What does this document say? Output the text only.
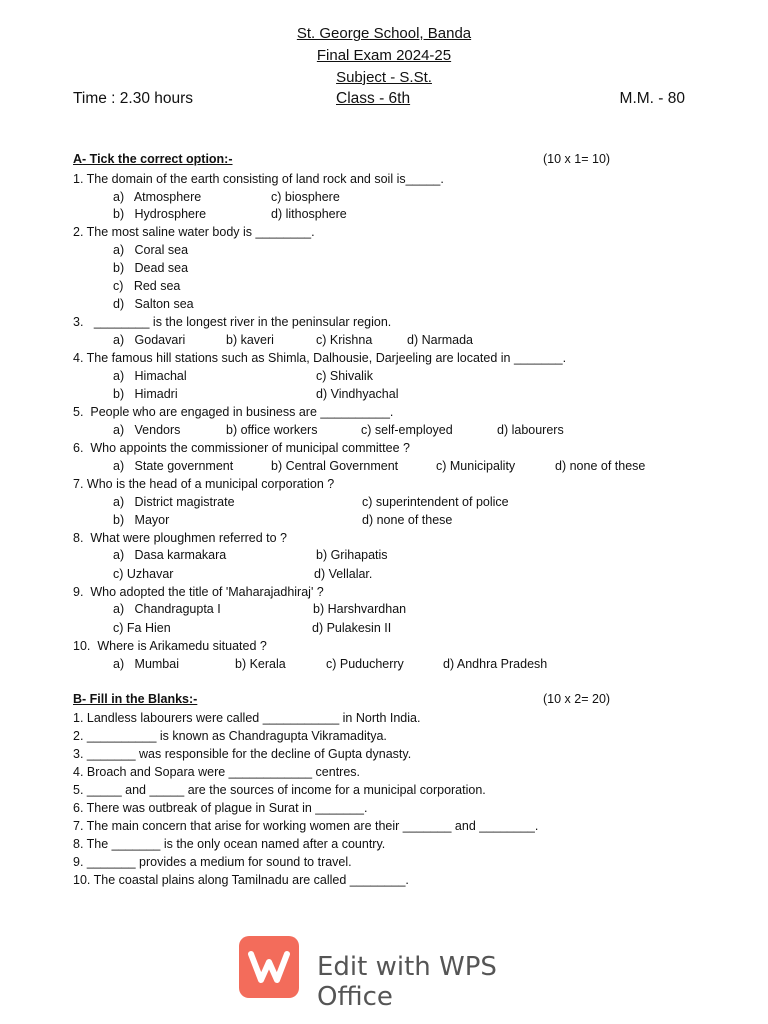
St. George School, Banda
Final Exam 2024-25
Subject - S.St.
Time : 2.30 hours	Class - 6th	M.M. - 80
A- Tick the correct option:-	(10 x 1= 10)
1. The domain of the earth consisting of land rock and soil is_____.
a)   Atmosphere	c) biosphere
b)   Hydrosphere	d) lithosphere
2. The most saline water body is ________.
a)   Coral sea
b)   Dead sea
c)   Red sea
d)   Salton sea
3.   ________ is the longest river in the peninsular region.
a)   Godavari	b) kaveri	c) Krishna	d) Narmada
4. The famous hill stations such as Shimla, Dalhousie, Darjeeling are located in _______.
a)   Himachal	c) Shivalik
b)   Himadri	d) Vindhyachal
5.  People who are engaged in business are __________.
a)   Vendors	b) office workers	c) self-employed	d) labourers
6.  Who appoints the commissioner of municipal committee ?
a)   State government	b) Central Government	c) Municipality	d) none of these
7. Who is the head of a municipal corporation ?
a)   District magistrate	c) superintendent of police
b)   Mayor	d) none of these
8.  What were ploughmen referred to ?
a)   Dasa karmakara	b) Grihapatis
c) Uzhavar	d) Vellalar.
9.  Who adopted the title of 'Maharajadhiraj' ?
a)   Chandragupta I	b) Harshvardhan
c) Fa Hien	d) Pulakesin II
10.  Where is Arikamedu situated ?
a)   Mumbai	b) Kerala	c) Puducherry	d) Andhra Pradesh
B- Fill in the Blanks:-	(10 x 2= 20)
1. Landless labourers were called ___________ in North India.
2. __________ is known as Chandragupta Vikramaditya.
3. _______ was responsible for the decline of Gupta dynasty.
4. Broach and Sopara were ____________ centres.
5. _____ and _____ are the sources of income for a municipal corporation.
6. There was outbreak of plague in Surat in _______.
7. The main concern that arise for working women are their _______ and ________.
8. The _______ is the only ocean named after a country.
9. _______ provides a medium for sound to travel.
10. The coastal plains along Tamilnadu are called ________.
Edit with WPS Office
